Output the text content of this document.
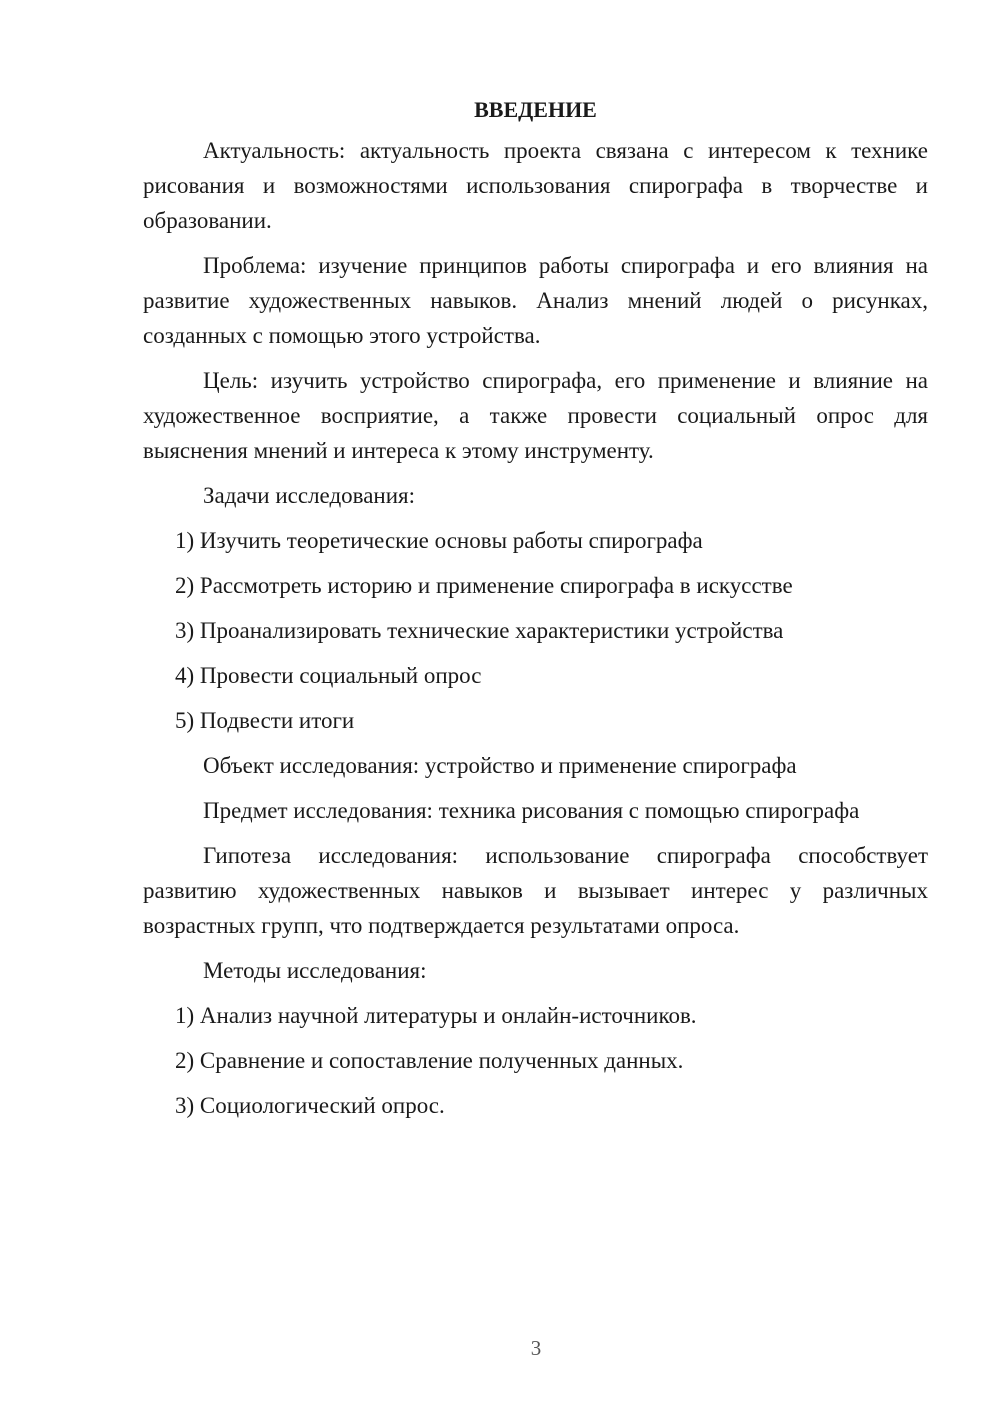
ВВЕДЕНИЕ

Актуальность: актуальность проекта связана с интересом к технике рисования и возможностями использования спирографа в творчестве и образовании.

Проблема: изучение принципов работы спирографа и его влияния на развитие художественных навыков. Анализ мнений людей о рисунках, созданных с помощью этого устройства.

Цель: изучить устройство спирографа, его применение и влияние на художественное восприятие, а также провести социальный опрос для выяснения мнений и интереса к этому инструменту.

Задачи исследования:

1) Изучить теоретические основы работы спирографа
2) Рассмотреть историю и применение спирографа в искусстве
3) Проанализировать технические характеристики устройства
4) Провести социальный опрос
5) Подвести итоги

Объект исследования: устройство и применение спирографа

Предмет исследования: техника рисования с помощью спирографа

Гипотеза исследования: использование спирографа способствует развитию художественных навыков и вызывает интерес у различных возрастных групп, что подтверждается результатами опроса.

Методы исследования:

1) Анализ научной литературы и онлайн-источников.
2) Сравнение и сопоставление полученных данных.
3) Социологический опрос.
3
